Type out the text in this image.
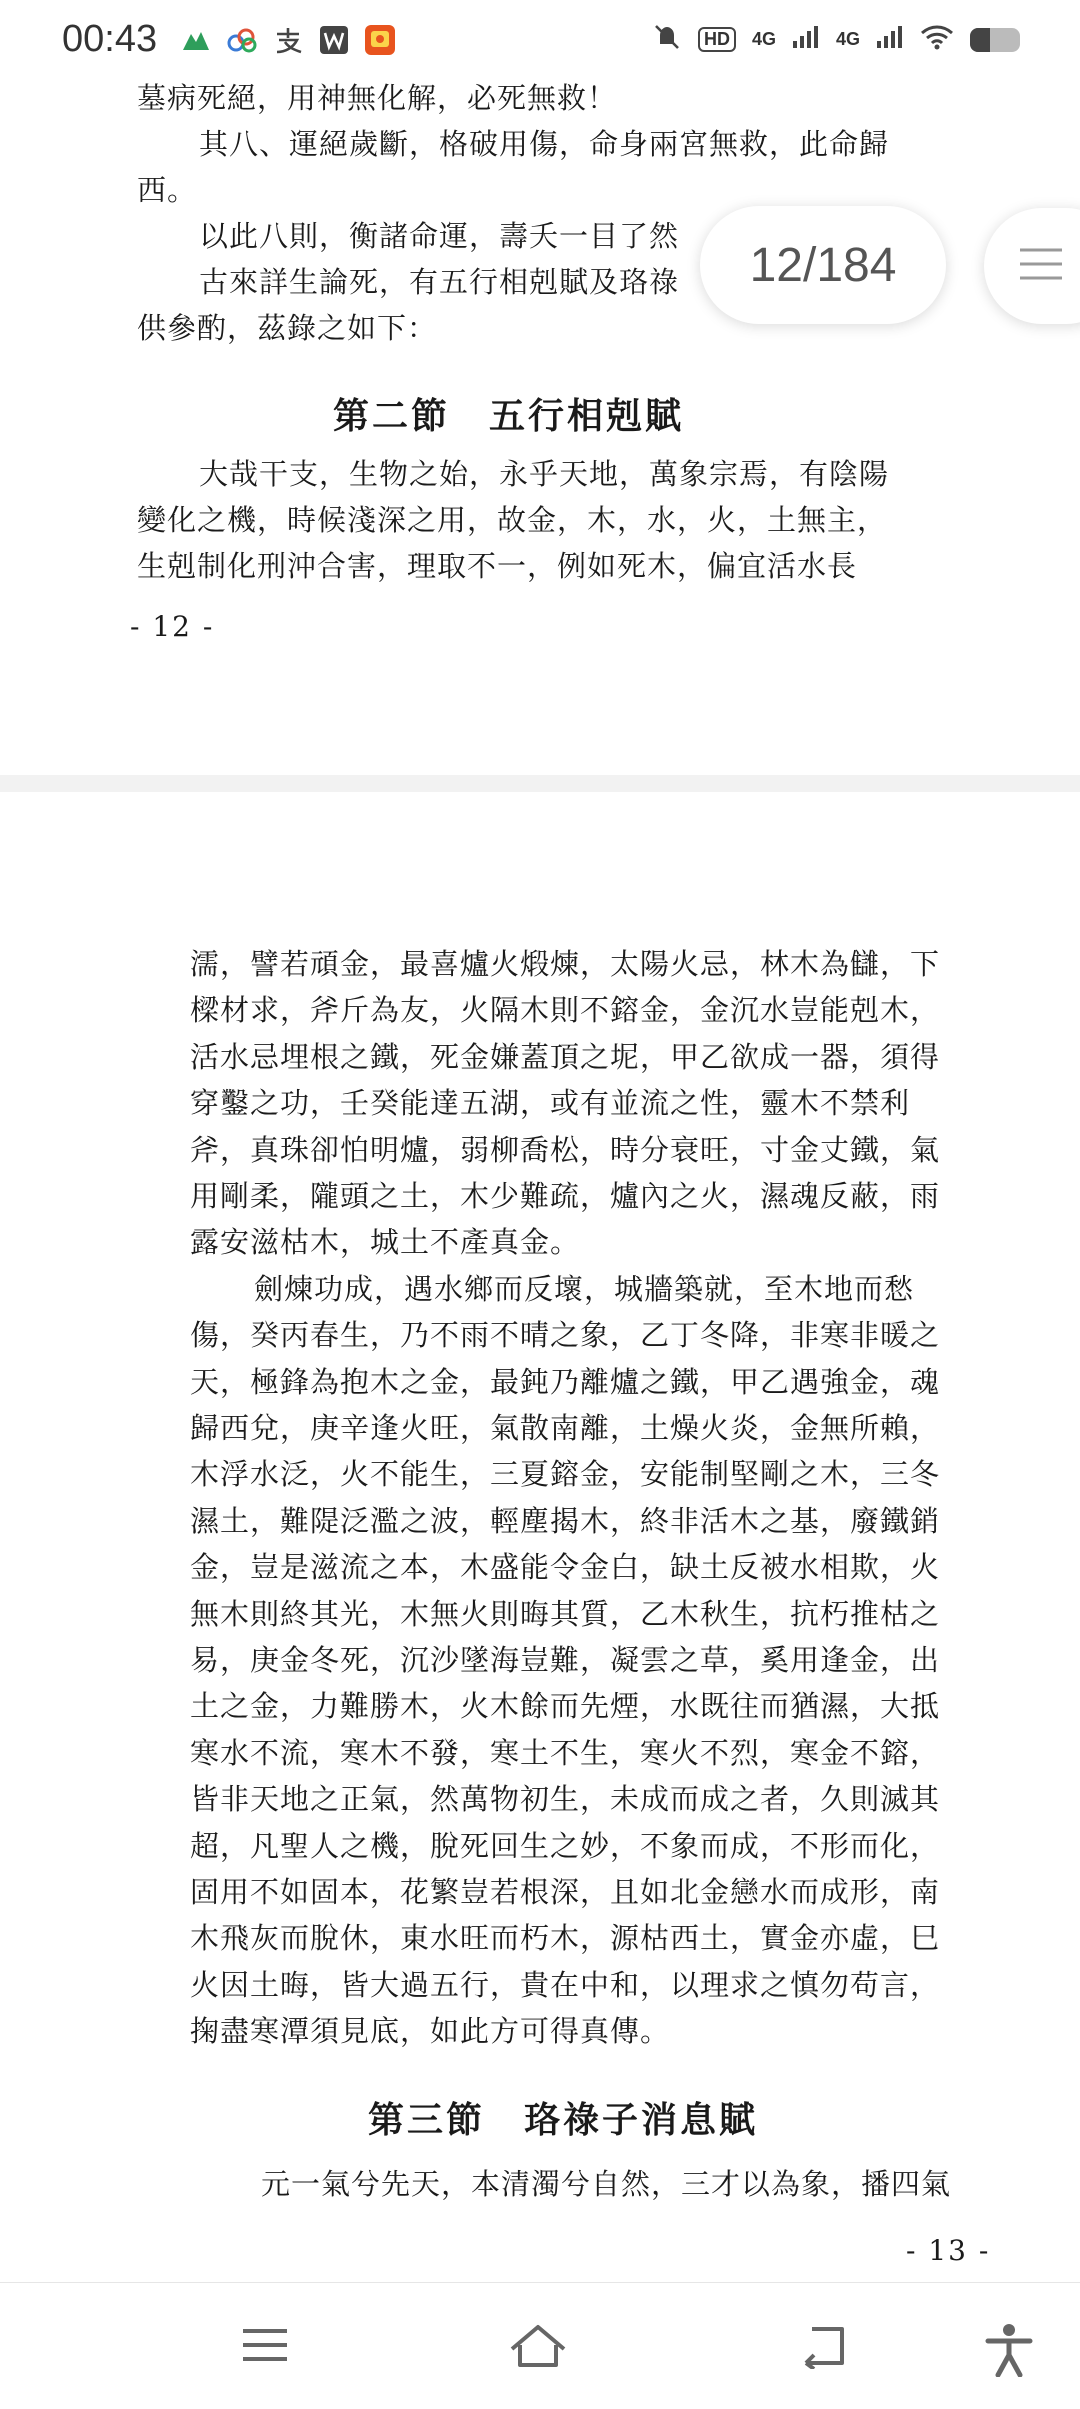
00:43	HD	4G	4G
墓病死絕，用神無化解，必死無救！
其八、運絕歲斷，格破用傷，命身兩宮無救，此命歸
西。
以此八則，衡諸命運，壽夭一目了然
古來詳生論死，有五行相剋賦及珞祿
供參酌，茲錄之如下：
第二節　五行相剋賦
大哉干支，生物之始，永乎天地，萬象宗焉，有陰陽
變化之機，時候淺深之用，故金，木，水，火，土無主，
生剋制化刑沖合害，理取不一，例如死木，偏宜活水長
- 12 -
濡，譬若頑金，最喜爐火煅煉，太陽火忌，林木為讎，下
樑材求，斧斤為友，火隔木則不鎔金，金沉水豈能剋木，
活水忌埋根之鐵，死金嫌蓋頂之坭，甲乙欲成一器，須得
穿鑿之功，壬癸能達五湖，或有並流之性，靈木不禁利
斧，真珠卻怕明爐，弱柳喬松，時分衰旺，寸金丈鐵，氣
用剛柔，隴頭之土，木少難疏，爐內之火，濕魂反蔽，雨
露安滋枯木，城土不產真金。
劍煉功成，遇水鄉而反壞，城牆築就，至木地而愁
傷，癸丙春生，乃不雨不晴之象，乙丁冬降，非寒非暖之
天，極鋒為抱木之金，最鈍乃離爐之鐵，甲乙遇強金，魂
歸西兌，庚辛逢火旺，氣散南離，土燥火炎，金無所賴，
木浮水泛，火不能生，三夏鎔金，安能制堅剛之木，三冬
濕土，難隄泛濫之波，輕塵揭木，終非活木之基，廢鐵銷
金，豈是滋流之本，木盛能令金白，缺土反被水相欺，火
無木則終其光，木無火則晦其質，乙木秋生，抗朽推枯之
易，庚金冬死，沉沙墜海豈難，凝雲之草，奚用逢金，出
土之金，力難勝木，火木餘而先煙，水既往而猶濕，大抵
寒水不流，寒木不發，寒土不生，寒火不烈，寒金不鎔，
皆非天地之正氣，然萬物初生，未成而成之者，久則滅其
超，凡聖人之機，脫死回生之妙，不象而成，不形而化，
固用不如固本，花繁豈若根深，且如北金戀水而成形，南
木飛灰而脫休，東水旺而朽木，源枯西土，實金亦虛，巳
火因土晦，皆大過五行，貴在中和，以理求之慎勿苟言，
掬盡寒潭須見底，如此方可得真傳。
第三節　珞祿子消息賦
元一氣兮先天，本清濁兮自然，三才以為象，播四氣
- 13 -
12/184
